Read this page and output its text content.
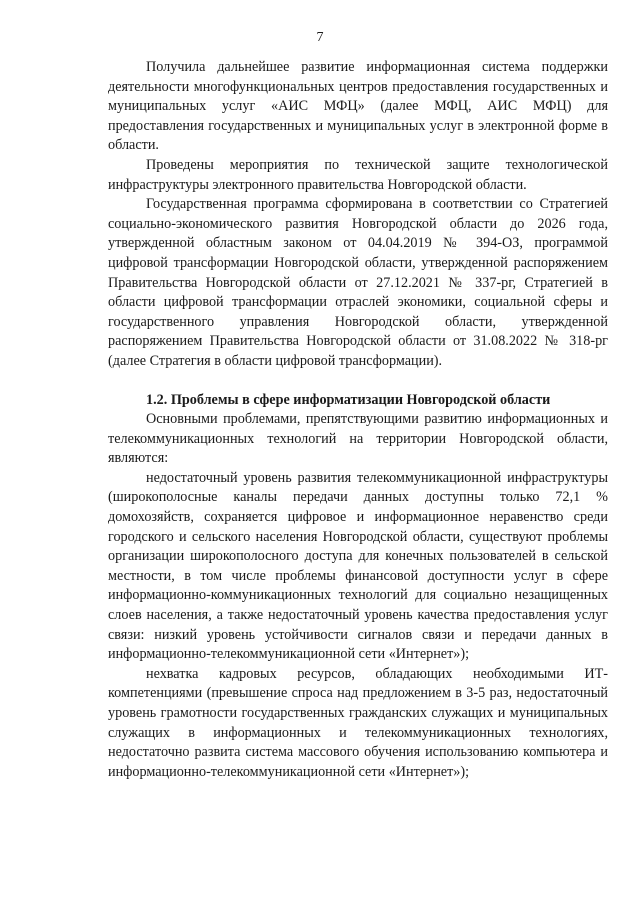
7

Получила дальнейшее развитие информационная система поддержки деятельности многофункциональных центров предоставления государственных и муниципальных услуг «АИС МФЦ» (далее МФЦ, АИС МФЦ) для предоставления государственных и муниципальных услуг в электронной форме в области.

Проведены мероприятия по технической защите технологической инфраструктуры электронного правительства Новгородской области.

Государственная программа сформирована в соответствии со Стратегией социально-экономического развития Новгородской области до 2026 года, утвержденной областным законом от 04.04.2019 № 394-ОЗ, программой цифровой трансформации Новгородской области, утвержденной распоряжением Правительства Новгородской области от 27.12.2021 № 337-рг, Стратегией в области цифровой трансформации отраслей экономики, социальной сферы и государственного управления Новгородской области, утвержденной распоряжением Правительства Новгородской области от 31.08.2022 № 318-рг (далее Стратегия в области цифровой трансформации).

1.2. Проблемы в сфере информатизации Новгородской области

Основными проблемами, препятствующими развитию информационных и телекоммуникационных технологий на территории Новгородской области, являются:

недостаточный уровень развития телекоммуникационной инфраструктуры (широкополосные каналы передачи данных доступны только 72,1 % домохозяйств, сохраняется цифровое и информационное неравенство среди городского и сельского населения Новгородской области, существуют проблемы организации широкополосного доступа для конечных пользователей в сельской местности, в том числе проблемы финансовой доступности услуг в сфере информационно-коммуникационных технологий для социально незащищенных слоев населения, а также недостаточный уровень качества предоставления услуг связи: низкий уровень устойчивости сигналов связи и передачи данных в информационно-телекоммуникационной сети «Интернет»);

нехватка кадровых ресурсов, обладающих необходимыми ИТ-компетенциями (превышение спроса над предложением в 3-5 раз, недостаточный уровень грамотности государственных гражданских служащих и муниципальных служащих в информационных и телекоммуникационных технологиях, недостаточно развита система массового обучения использованию компьютера и информационно-телекоммуникационной сети «Интернет»);
